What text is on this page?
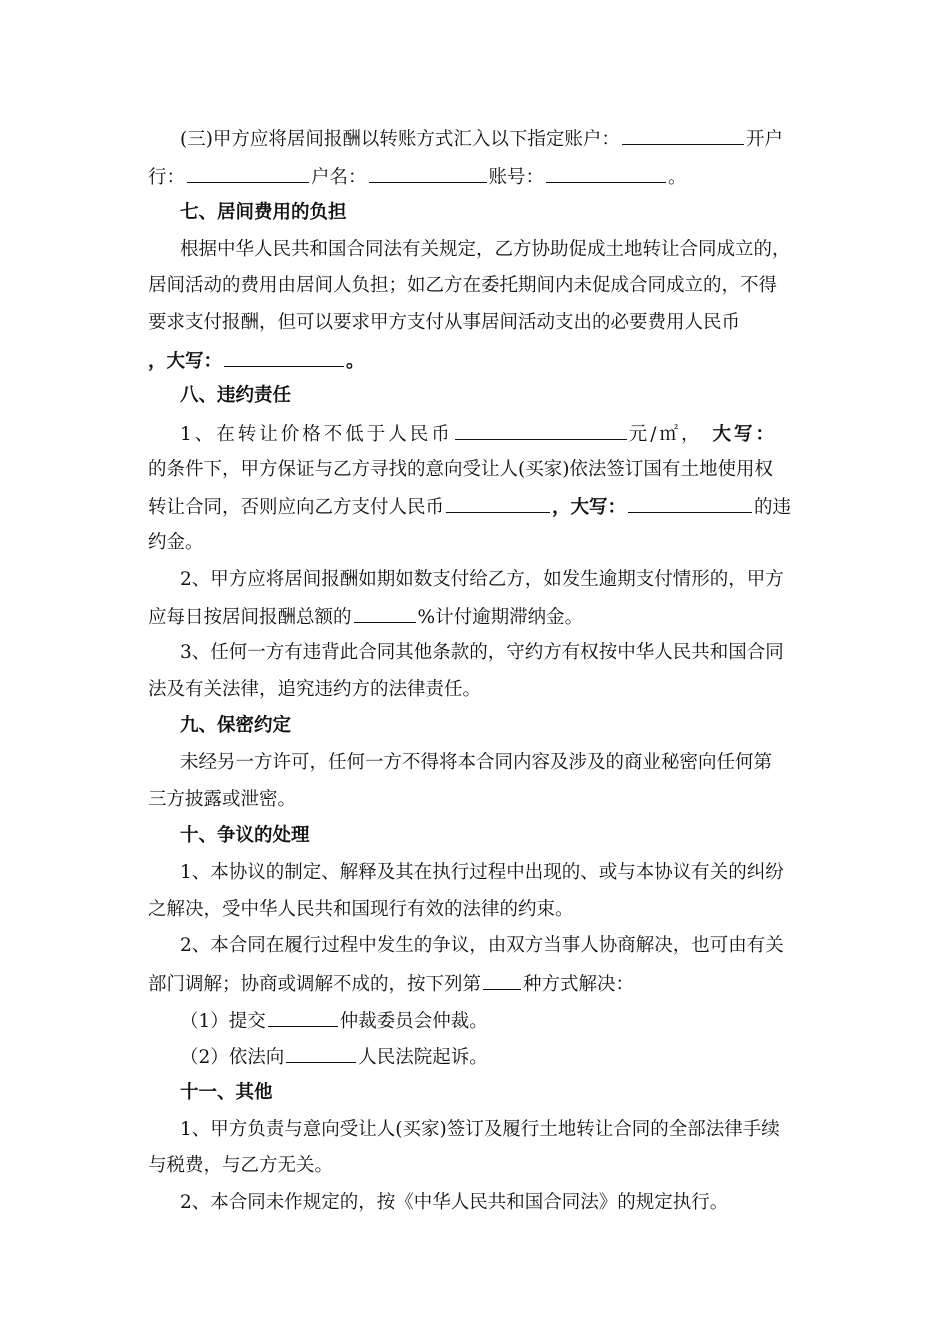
(三)甲方应将居间报酬以转账方式汇入以下指定账户：	开户
行：	户名：	账号：	。
七、居间费用的负担
根据中华人民共和国合同法有关规定，乙方协助促成土地转让合同成立的，
居间活动的费用由居间人负担；如乙方在委托期间内未促成合同成立的，不得
要求支付报酬，但可以要求甲方支付从事居间活动支出的必要费用人民币
，大写：	。
八、违约责任
1、在转让价格不低于人民币	元/㎡， 大写：
的条件下，甲方保证与乙方寻找的意向受让人(买家)依法签订国有土地使用权
转让合同，否则应向乙方支付人民币	，大写：	的违
约金。
2、甲方应将居间报酬如期如数支付给乙方，如发生逾期支付情形的，甲方
应每日按居间报酬总额的	%计付逾期滞纳金。
3、任何一方有违背此合同其他条款的，守约方有权按中华人民共和国合同
法及有关法律，追究违约方的法律责任。
九、保密约定
未经另一方许可，任何一方不得将本合同内容及涉及的商业秘密向任何第
三方披露或泄密。
十、争议的处理
1、本协议的制定、解释及其在执行过程中出现的、或与本协议有关的纠纷
之解决，受中华人民共和国现行有效的法律的约束。
2、本合同在履行过程中发生的争议，由双方当事人协商解决，也可由有关
部门调解；协商或调解不成的，按下列第 种方式解决：
（1）提交	仲裁委员会仲裁。
（2）依法向	人民法院起诉。
十一、其他
1、甲方负责与意向受让人(买家)签订及履行土地转让合同的全部法律手续
与税费，与乙方无关。
2、本合同未作规定的，按《中华人民共和国合同法》的规定执行。
